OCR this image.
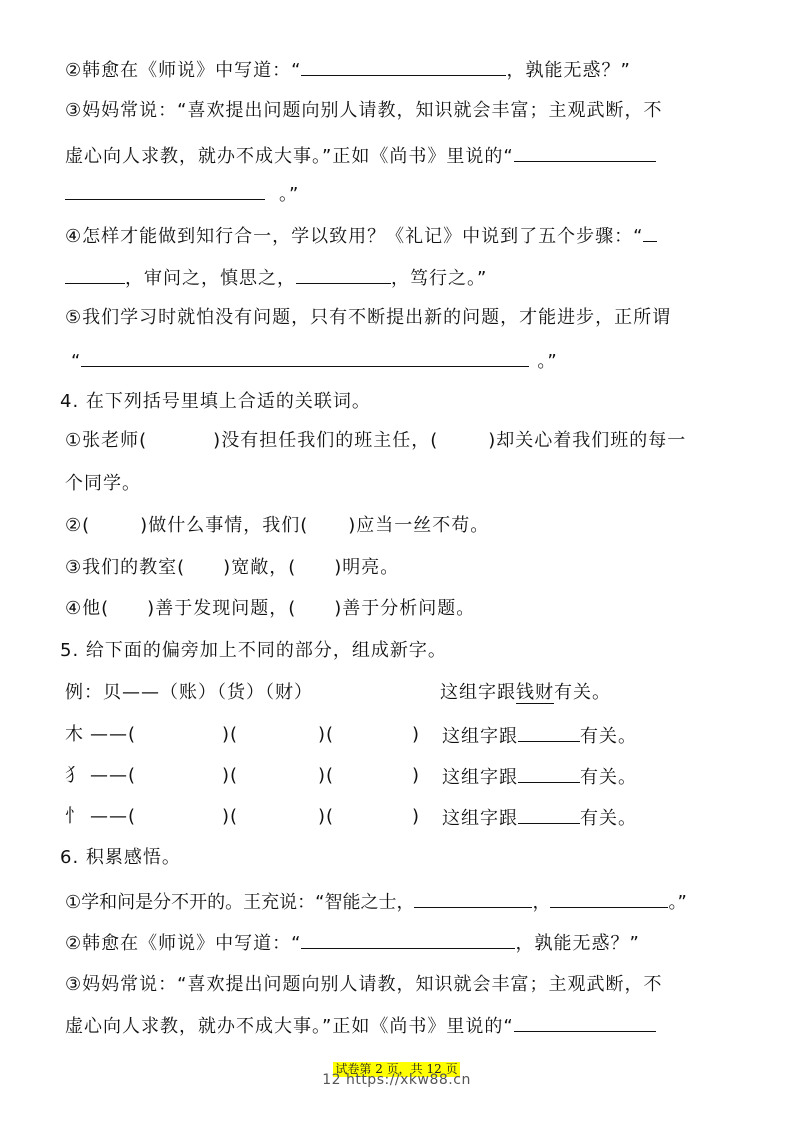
②韩愈在《师说》中写道：“	，孰能无惑？”
③妈妈常说：“喜欢提出问题向别人请教，知识就会丰富；主观武断，不
虚心向人求教，就办不成大事。”正如《尚书》里说的“
。”
④怎样才能做到知行合一，学以致用？《礼记》中说到了五个步骤：“
，审问之，慎思之，	，笃行之。”
⑤我们学习时就怕没有问题，只有不断提出新的问题，才能进步，正所谓
“	。”
4. 在下列括号里填上合适的关联词。
①张老师(	)没有担任我们的班主任，(	)却关心着我们班的每一
个同学。
②(	)做什么事情，我们( )应当一丝不苟。
③我们的教室( )宽敞，( )明亮。
④他( )善于发现问题，( )善于分析问题。
5. 给下面的偏旁加上不同的部分，组成新字。
例：贝——（账）（货）（财）	这组字跟钱财有关。
木 ——(	)(	)(	) 这组字跟	有关。
犭 ——(	)(	)(	) 这组字跟	有关。
忄 ——(	)(	)(	) 这组字跟	有关。
6. 积累感悟。
①学和问是分不开的。王充说：“智能之士，	，	。”
②韩愈在《师说》中写道：“	，孰能无惑？”
③妈妈常说：“喜欢提出问题向别人请教，知识就会丰富；主观武断，不
虚心向人求教，就办不成大事。”正如《尚书》里说的“
试卷第 2 页，共 12 页
12 https://xkw88.cn
